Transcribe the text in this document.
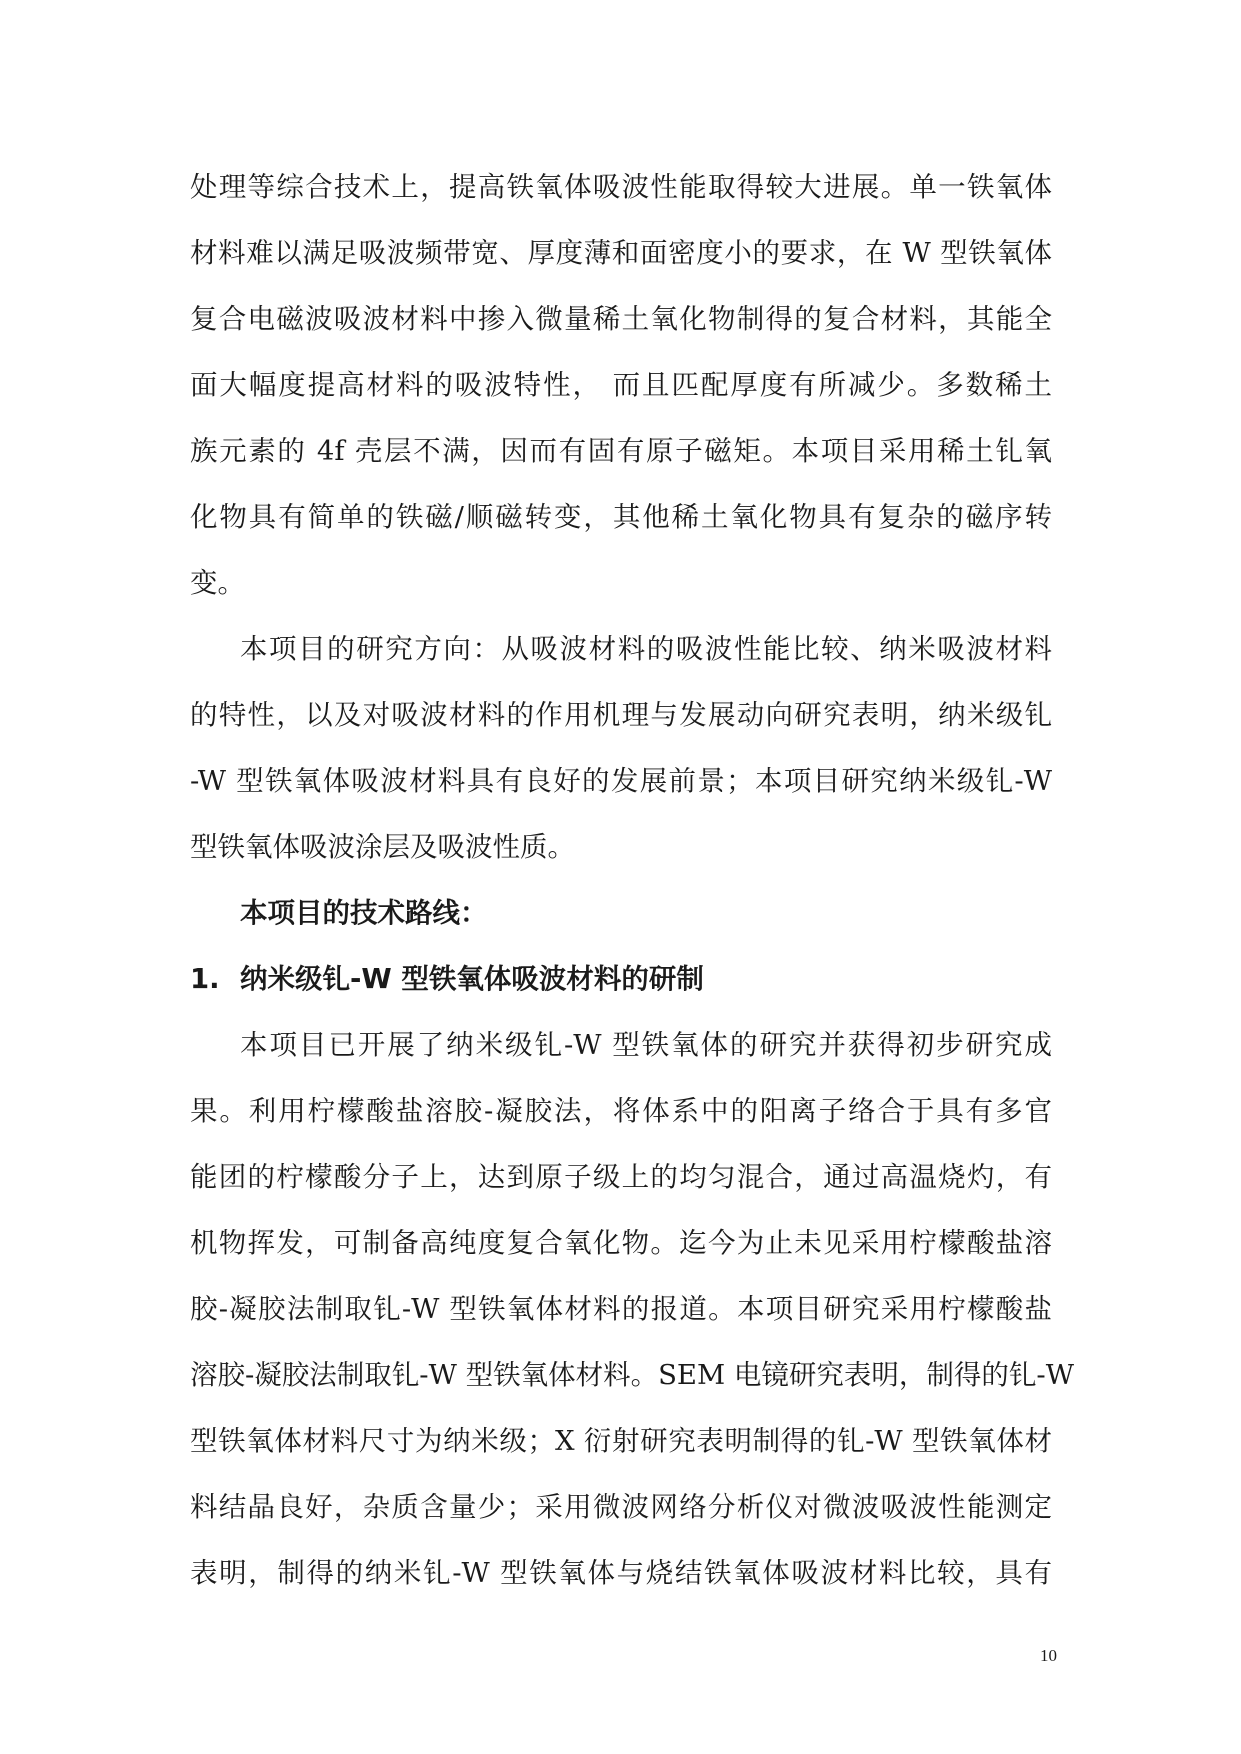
处理等综合技术上，提高铁氧体吸波性能取得较大进展。单一铁氧体
材料难以满足吸波频带宽、厚度薄和面密度小的要求，在 W 型铁氧体
复合电磁波吸波材料中掺入微量稀土氧化物制得的复合材料，其能全
面大幅度提高材料的吸波特性， 而且匹配厚度有所减少。多数稀土
族元素的 4f 壳层不满，因而有固有原子磁矩。本项目采用稀土钆氧
化物具有简单的铁磁/顺磁转变，其他稀土氧化物具有复杂的磁序转
变。
本项目的研究方向：从吸波材料的吸波性能比较、纳米吸波材料
的特性，以及对吸波材料的作用机理与发展动向研究表明，纳米级钆
-W 型铁氧体吸波材料具有良好的发展前景；本项目研究纳米级钆-W
型铁氧体吸波涂层及吸波性质。
本项目的技术路线：
1. 纳米级钆-W 型铁氧体吸波材料的研制
本项目已开展了纳米级钆-W 型铁氧体的研究并获得初步研究成
果。利用柠檬酸盐溶胶-凝胶法，将体系中的阳离子络合于具有多官
能团的柠檬酸分子上，达到原子级上的均匀混合，通过高温烧灼，有
机物挥发，可制备高纯度复合氧化物。迄今为止未见采用柠檬酸盐溶
胶-凝胶法制取钆-W 型铁氧体材料的报道。本项目研究采用柠檬酸盐
溶胶-凝胶法制取钆-W 型铁氧体材料。SEM 电镜研究表明，制得的钆-W
型铁氧体材料尺寸为纳米级；X 衍射研究表明制得的钆-W 型铁氧体材
料结晶良好，杂质含量少；采用微波网络分析仪对微波吸波性能测定
表明，制得的纳米钆-W 型铁氧体与烧结铁氧体吸波材料比较，具有
10
